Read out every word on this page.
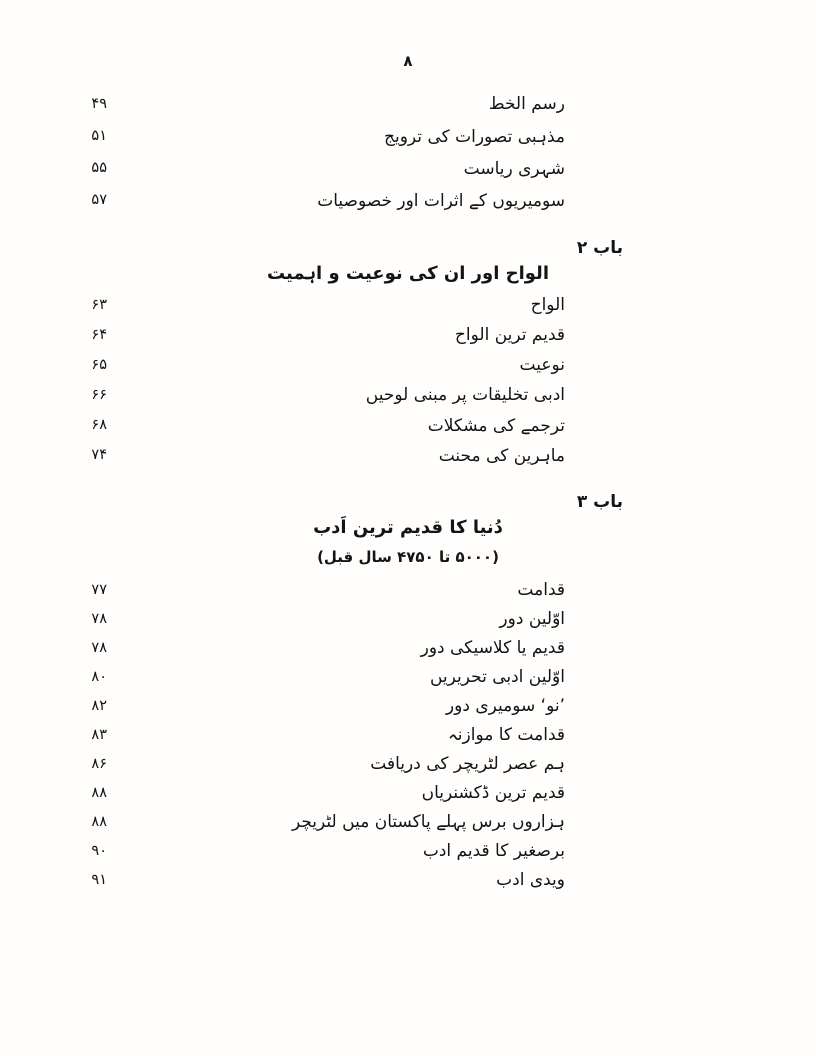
۸
رسم الخط
۴۹
مذہبی تصورات کی ترویج
۵۱
شہری ریاست
۵۵
سومیریوں کے اثرات اور خصوصیات
۵۷
باب ۲
الواح اور ان کی نوعیت و اہمیت
الواح
۶۳
قدیم ترین الواح
۶۴
نوعیت
۶۵
ادبی تخلیقات پر مبنی لوحیں
۶۶
ترجمے کی مشکلات
۶۸
ماہرین کی محنت
۷۴
باب ۳
دُنیا کا قدیم ترین اَدب
(۵۰۰۰ تا ۴۷۵۰ سال قبل)
قدامت
۷۷
اوّلین دور
۷۸
قدیم یا کلاسیکی دور
۷۸
اوّلین ادبی تحریریں
۸۰
’نو‘ سومیری دور
۸۲
قدامت کا موازنہ
۸۳
ہم عصر لٹریچر کی دریافت
۸۶
قدیم ترین ڈکشنریاں
۸۸
ہزاروں برس پہلے پاکستان میں لٹریچر
۸۸
برصغیر کا قدیم ادب
۹۰
ویدی ادب
۹۱
